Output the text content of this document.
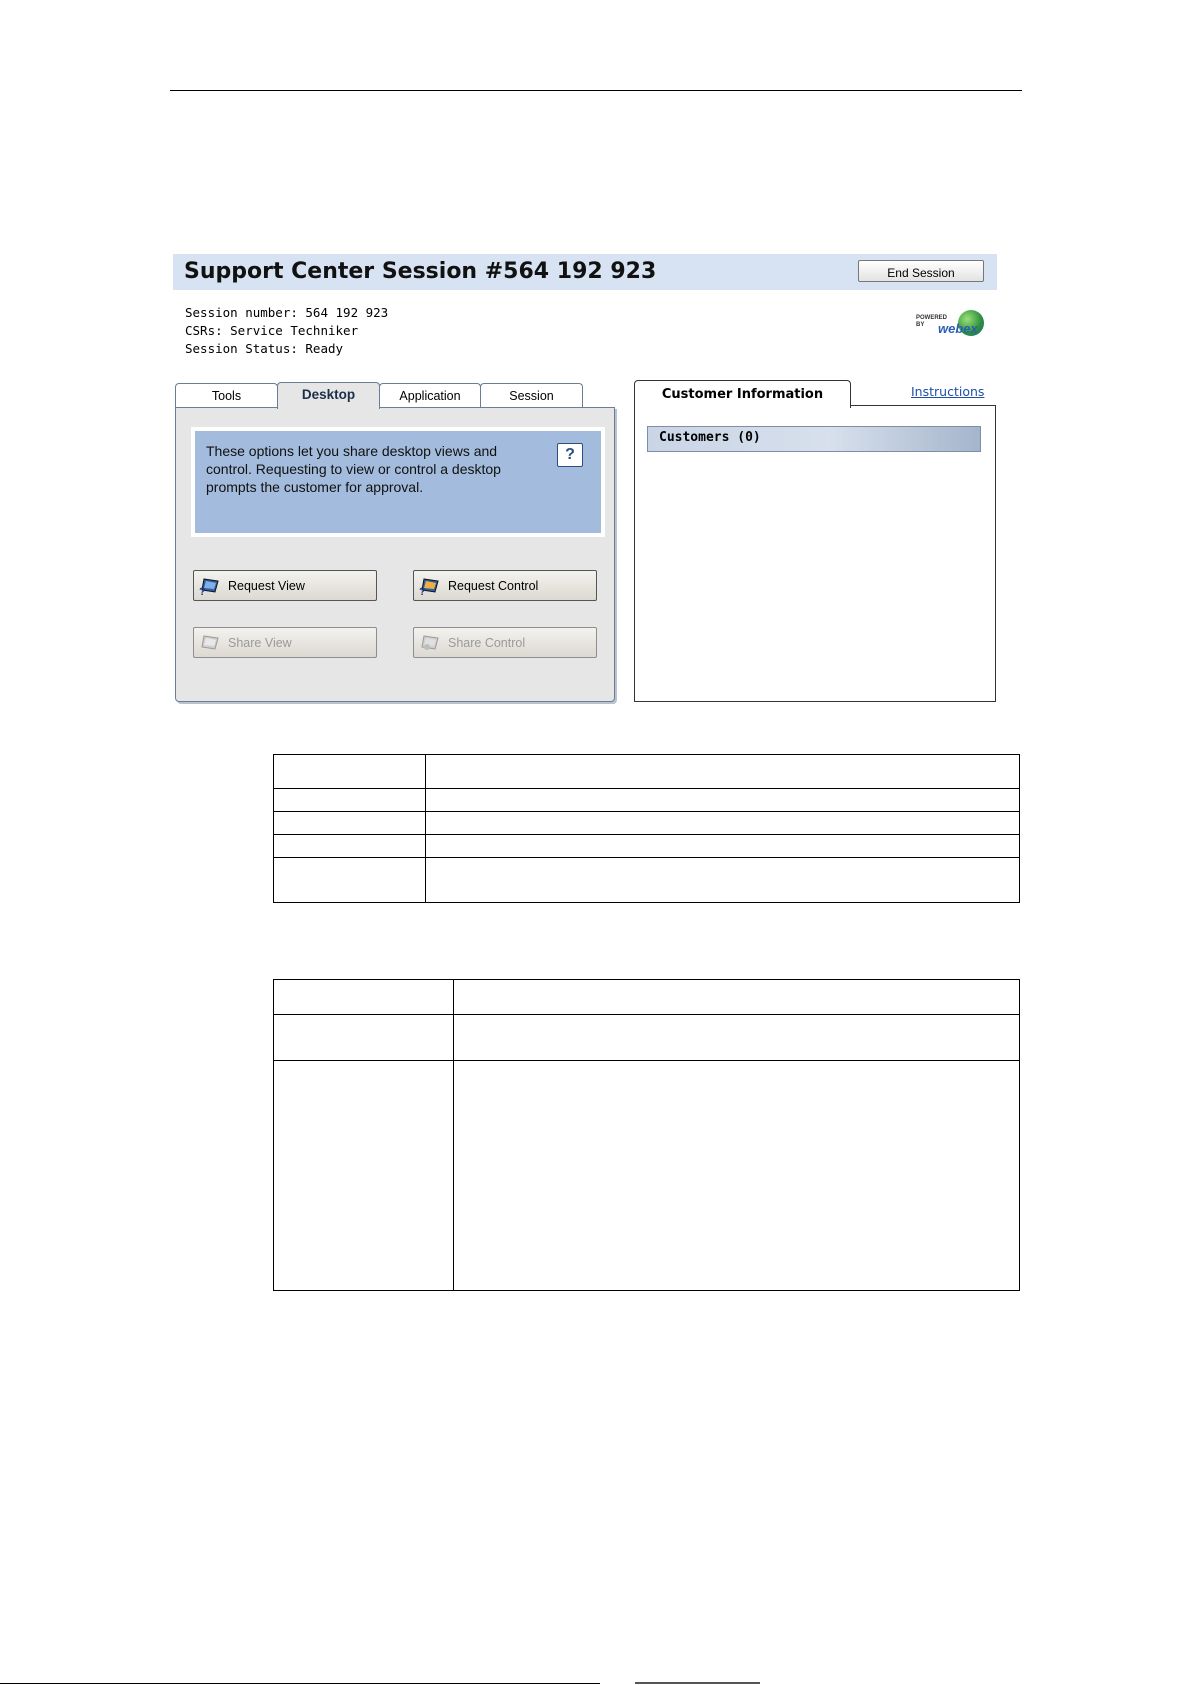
Support Center Session #564 192 923	End Session
Session number: 564 192 923
CSRs: Service Techniker
Session Status: Ready
POWERED BY	webex
Tools	Desktop	Application	Session
These options let you share desktop views and control. Requesting to view or control a desktop prompts the customer for approval.
?
? Request View	? Request Control
Share View	Share Control
Customer Information	Instructions
Customers (0)
